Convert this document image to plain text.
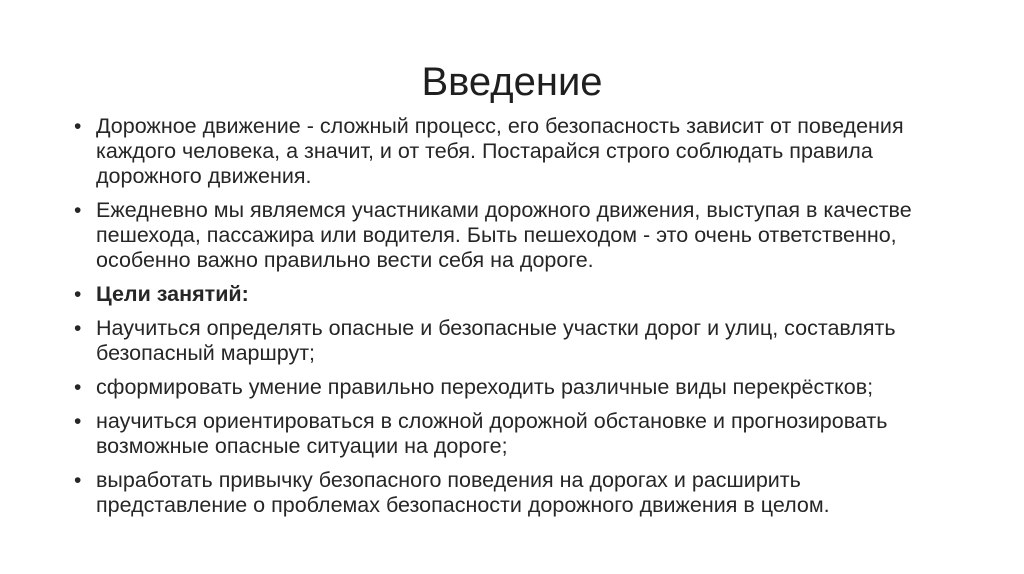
Введение
• Дорожное движение - сложный процесс, его безопасность зависит от поведения каждого человека, а значит, и от тебя. Постарайся строго соблюдать правила дорожного движения.
• Ежедневно мы являемся участниками дорожного движения, выступая в качестве пешехода, пассажира или водителя. Быть пешеходом - это очень ответственно, особенно важно правильно вести себя на дороге.
• Цели занятий:
• Научиться определять опасные и безопасные участки дорог и улиц, составлять безопасный маршрут;
• сформировать умение правильно переходить различные виды перекрёстков;
• научиться ориентироваться в сложной дорожной обстановке и прогнозировать возможные опасные ситуации на дороге;
• выработать привычку безопасного поведения на дорогах и расширить представление о проблемах безопасности дорожного движения в целом.
